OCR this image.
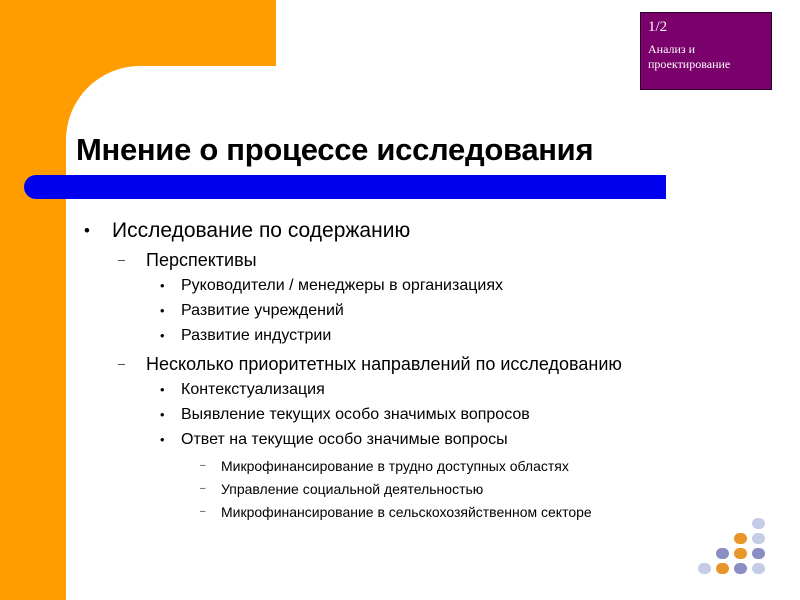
1/2
Анализ и проектирование
Мнение о процессе исследования
• Исследование по содержанию
– Перспективы
• Руководители / менеджеры в организациях
• Развитие учреждений
• Развитие индустрии
– Несколько приоритетных направлений по исследованию
• Контекстуализация
• Выявление текущих особо значимых вопросов
• Ответ на текущие особо значимые вопросы
– Микрофинансирование в трудно доступных областях
– Управление социальной деятельностью
– Микрофинансирование в сельскохозяйственном секторе
